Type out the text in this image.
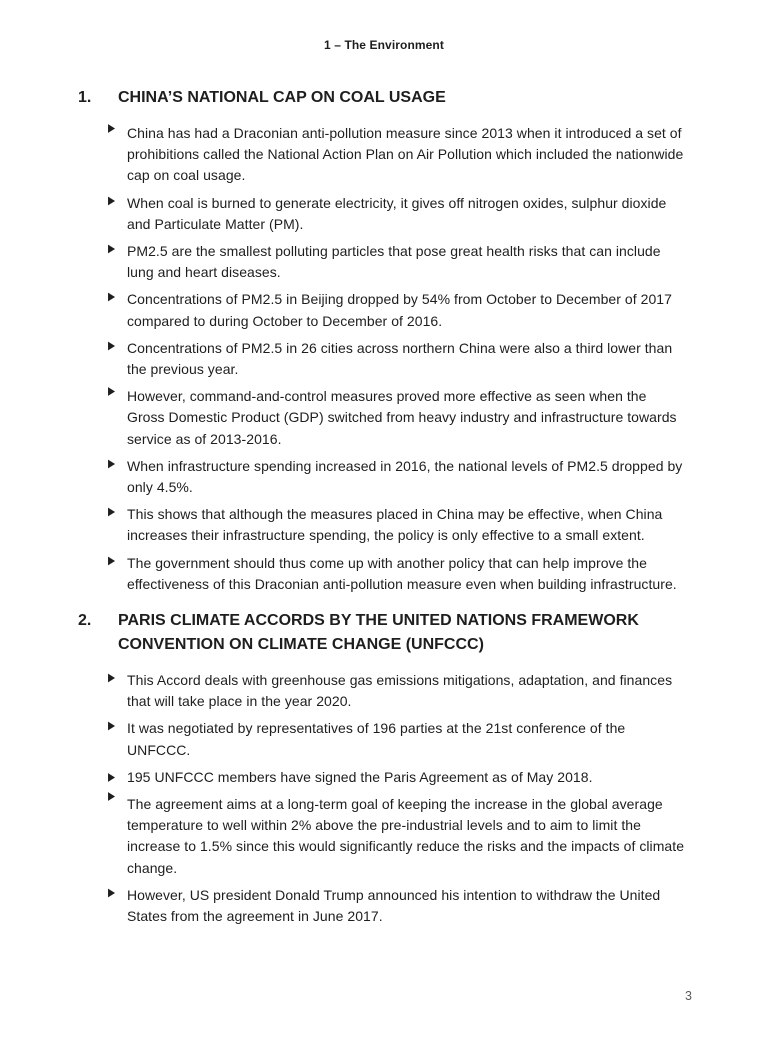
1 – The Environment
1.	CHINA’S NATIONAL CAP ON COAL USAGE
▶ China has had a Draconian anti-pollution measure since 2013 when it introduced a set of prohibitions called the National Action Plan on Air Pollution which included the nationwide cap on coal usage.

▶ When coal is burned to generate electricity, it gives off nitrogen oxides, sulphur dioxide and Particulate Matter (PM).

▶ PM2.5 are the smallest polluting particles that pose great health risks that can include lung and heart diseases.

▶ Concentrations of PM2.5 in Beijing dropped by 54% from October to December of 2017 compared to during October to December of 2016.

▶ Concentrations of PM2.5 in 26 cities across northern China were also a third lower than the previous year.

▶ However, command-and-control measures proved more effective as seen when the Gross Domestic Product (GDP) switched from heavy industry and infrastructure towards service as of 2013-2016.

▶ When infrastructure spending increased in 2016, the national levels of PM2.5 dropped by only 4.5%.

▶ This shows that although the measures placed in China may be effective, when China increases their infrastructure spending, the policy is only effective to a small extent.

▶ The government should thus come up with another policy that can help improve the effectiveness of this Draconian anti-pollution measure even when building infrastructure.

2.	PARIS CLIMATE ACCORDS BY THE UNITED NATIONS FRAMEWORK CONVENTION ON CLIMATE CHANGE (UNFCCC)
▶ This Accord deals with greenhouse gas emissions mitigations, adaptation, and finances that will take place in the year 2020.

▶ It was negotiated by representatives of 196 parties at the 21st conference of the UNFCCC.

▶ 195 UNFCCC members have signed the Paris Agreement as of May 2018.

▶

The agreement aims at a long-term goal of keeping the increase in the global average temperature to well within 2% above the pre-industrial levels and to aim to limit the increase to 1.5% since this would significantly reduce the risks and the impacts of climate change.

▶ However, US president Donald Trump announced his intention to withdraw the United States from the agreement in June 2017.

3
